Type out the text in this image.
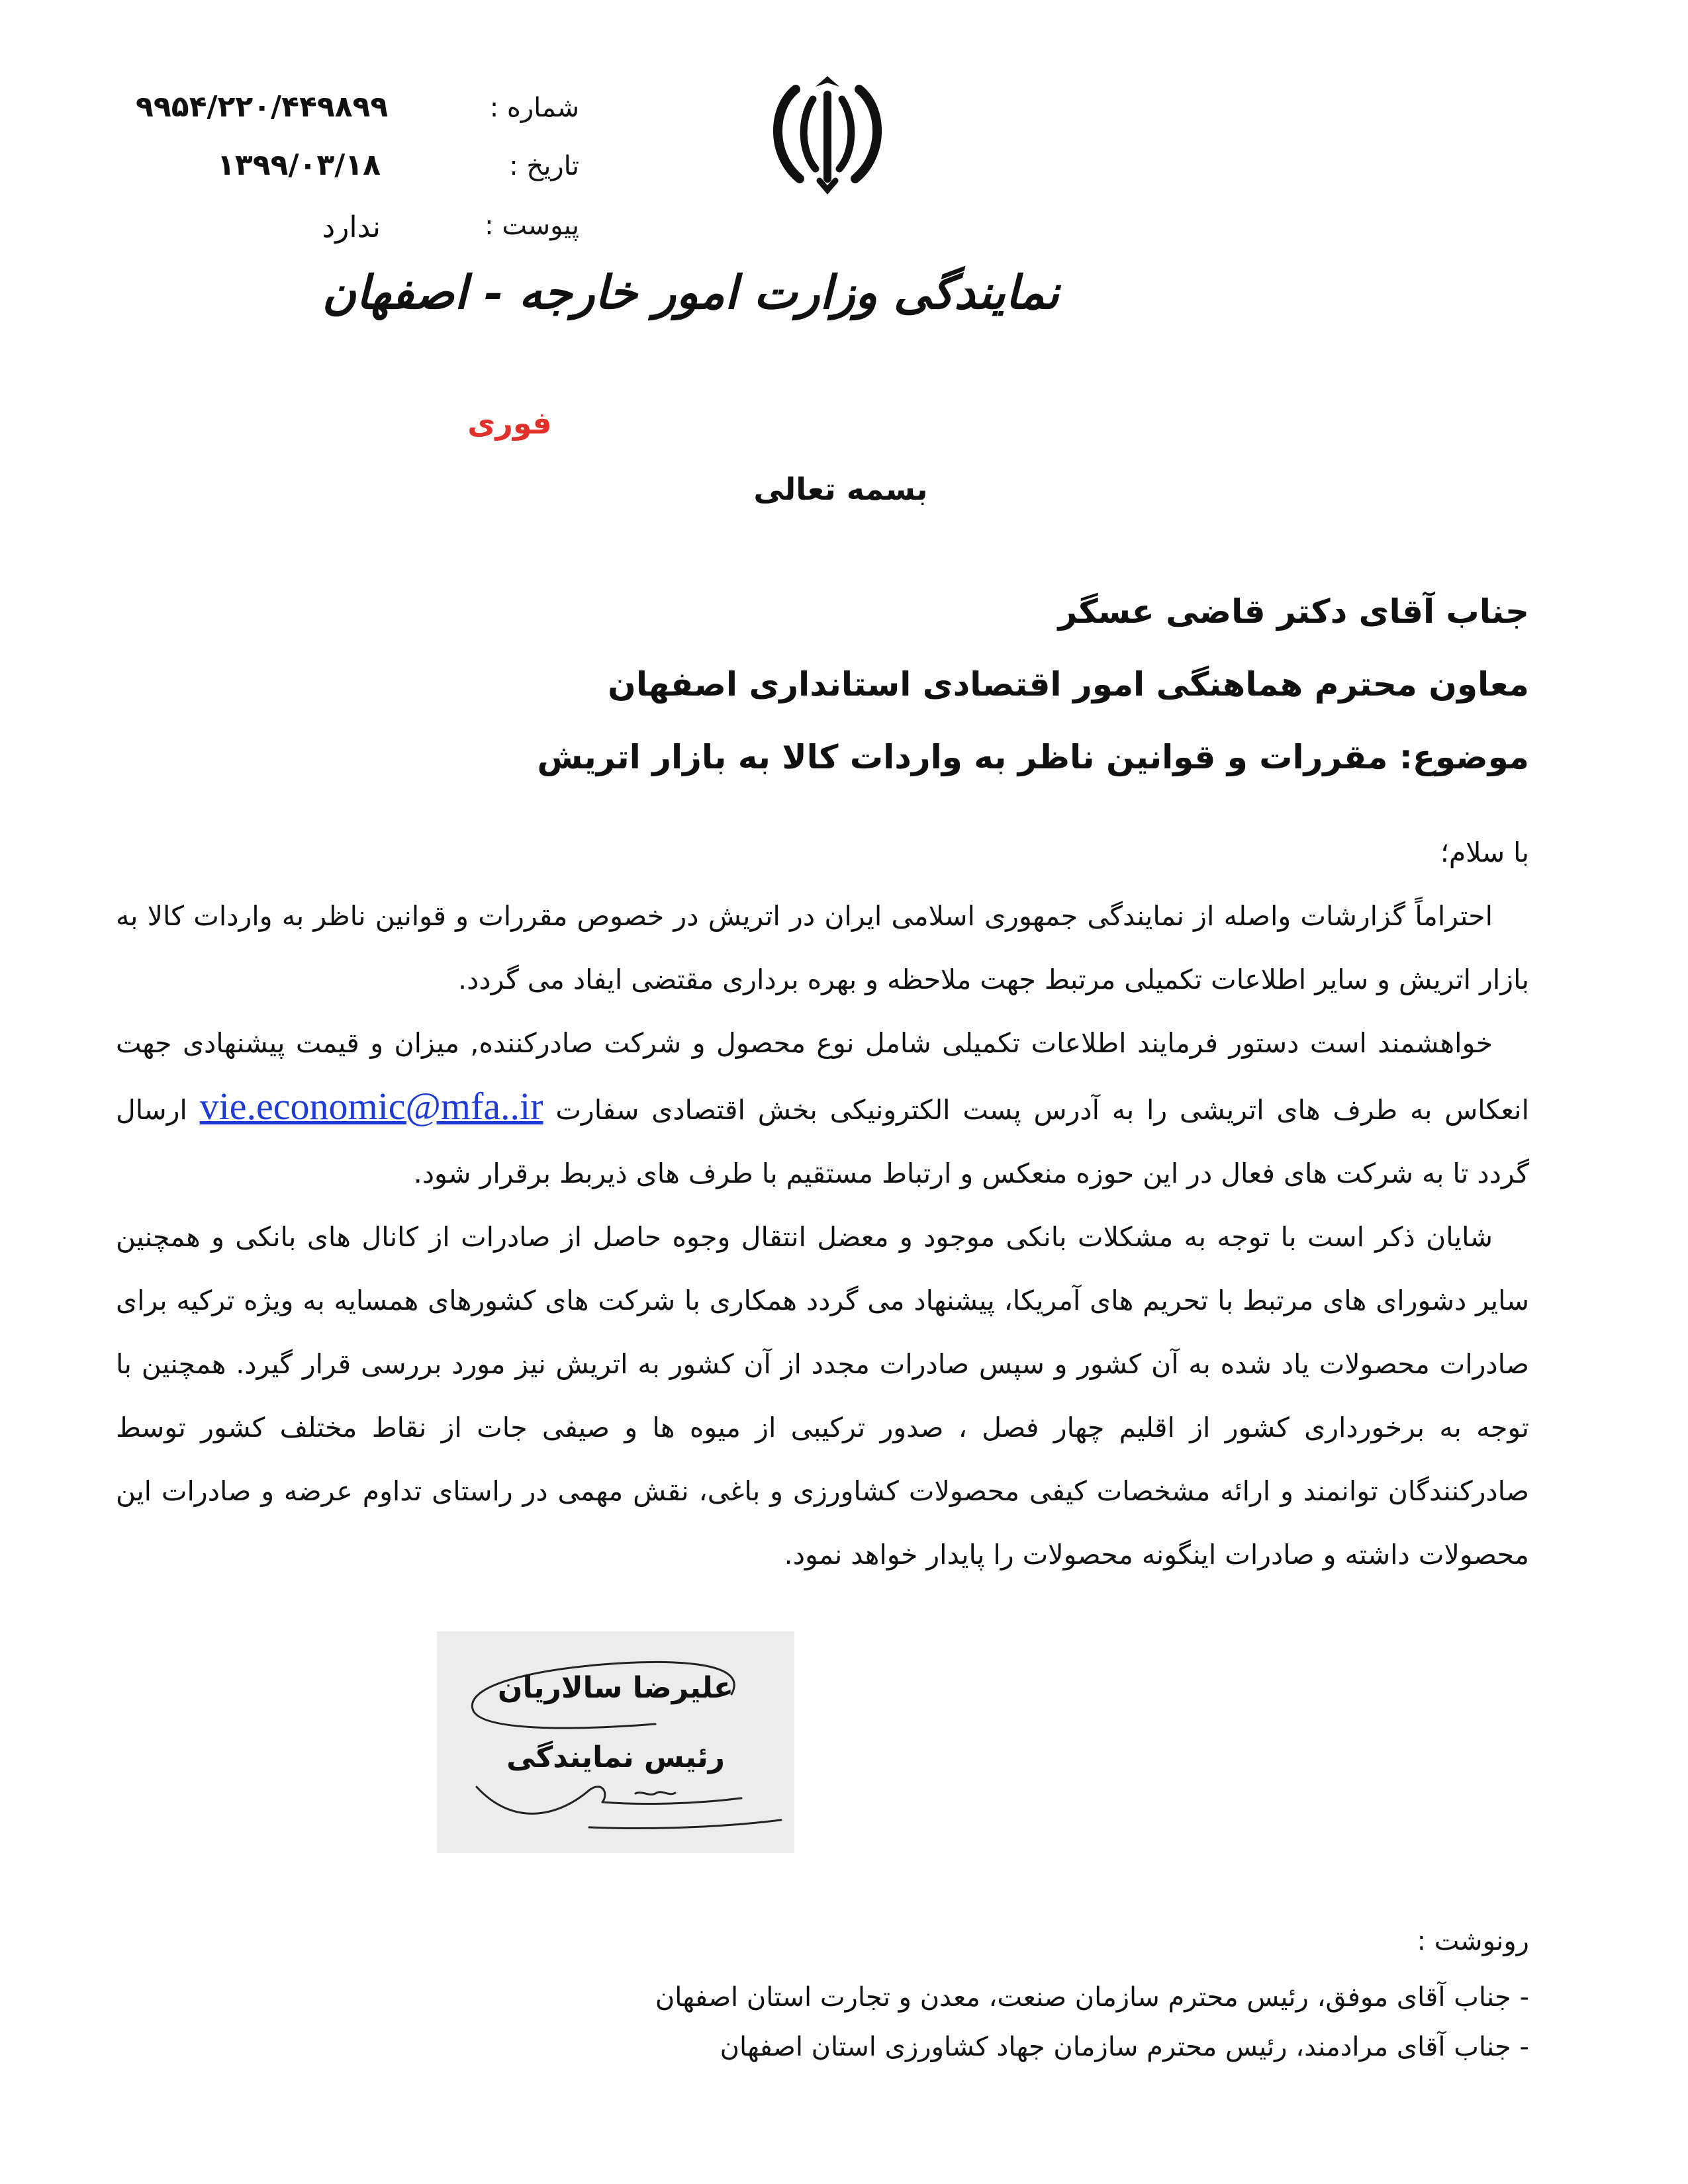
شماره :
۹۹۵۴/۲۲۰/۴۴۹۸۹۹
تاریخ :
۱۳۹۹/۰۳/۱۸
پیوست :
ندارد
نمایندگی وزارت امور خارجه - اصفهان
فوری
بسمه تعالی
جناب آقای دکتر قاضی عسگر
معاون محترم هماهنگی امور اقتصادی استانداری اصفهان
موضوع: مقررات و قوانین ناظر به واردات کالا به بازار اتریش

با سلام؛

احتراماً گزارشات واصله از نمایندگی جمهوری اسلامی ایران در اتریش در خصوص مقررات و قوانین ناظر به واردات کالا به بازار اتریش و سایر اطلاعات تکمیلی مرتبط جهت ملاحظه و بهره برداری مقتضی ایفاد می گردد.

خواهشمند است دستور فرمایند اطلاعات تکمیلی شامل نوع محصول و شرکت صادرکننده, میزان و قیمت پیشنهادی جهت انعکاس به طرف های اتریشی را به آدرس پست الکترونیکی بخش اقتصادی سفارت vie.economic@mfa..ir ارسال گردد تا به شرکت های فعال در این حوزه منعکس و ارتباط مستقیم با طرف های ذیربط برقرار شود.

شایان ذکر است با توجه به مشکلات بانکی موجود و معضل انتقال وجوه حاصل از صادرات از کانال های بانکی و همچنین سایر دشورای های مرتبط با تحریم های آمریکا، پیشنهاد می گردد همکاری با شرکت های کشورهای همسایه به ویژه ترکیه برای صادرات محصولات یاد شده به آن کشور و سپس صادرات مجدد از آن کشور به اتریش نیز مورد بررسی قرار گیرد. همچنین با توجه به برخورداری کشور از اقلیم چهار فصل ، صدور ترکیبی از میوه ها و صیفی جات از نقاط مختلف کشور توسط صادرکنندگان توانمند و ارائه مشخصات کیفی محصولات کشاورزی و باغی، نقش مهمی در راستای تداوم عرضه و صادرات این محصولات داشته و صادرات اینگونه محصولات را پایدار خواهد نمود.

علیرضا سالاریان
رئیس نمایندگی
رونوشت :
- جناب آقای موفق، رئیس محترم سازمان صنعت، معدن و تجارت استان اصفهان
- جناب آقای مرادمند، رئیس محترم سازمان جهاد کشاورزی استان اصفهان
